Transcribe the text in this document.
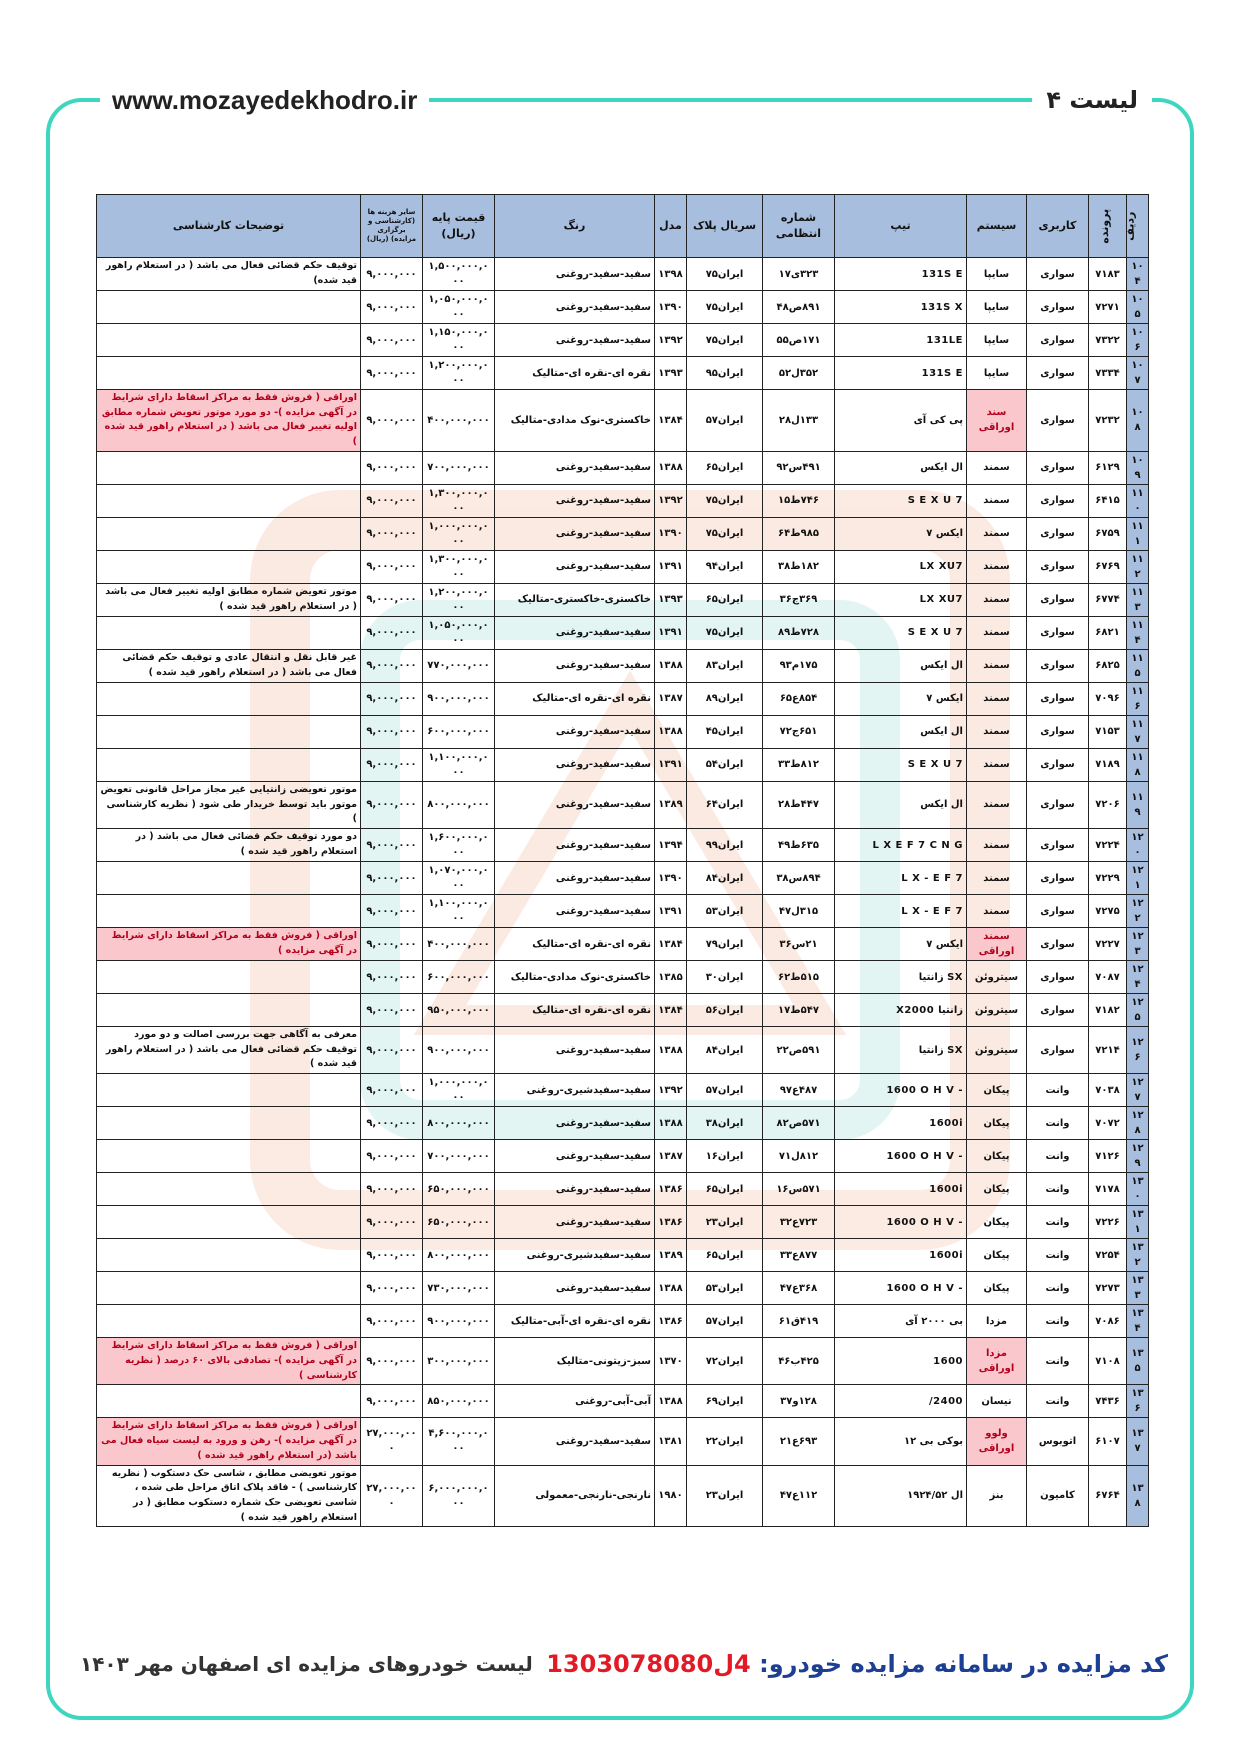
www.mozayedekhodro.ir	لیست ۴
ردیف	پرونده	کاربری	سیستم	تیپ	شماره انتظامی	سریال پلاک	مدل	رنگ	قیمت پایه (ریال)	سایر هزینه ها (کارشناسی و برگزاری مزایده) (ریال)	توضیحات کارشناسی
۱۰۴	۷۱۸۳	سواری	سایپا	131S E	۳۲۳ی۱۷	ایران۷۵	۱۳۹۸	سفید-سفید-روغنی	۱,۵۰۰,۰۰۰,۰۰۰	۹,۰۰۰,۰۰۰	توقیف حکم قضائی فعال می باشد ( در استعلام راهور قید شده)
۱۰۵	۷۲۷۱	سواری	سایپا	131S X	۸۹۱ص۴۸	ایران۷۵	۱۳۹۰	سفید-سفید-روغنی	۱,۰۵۰,۰۰۰,۰۰۰	۹,۰۰۰,۰۰۰	
۱۰۶	۷۳۲۲	سواری	سایپا	131LE	۱۷۱ص۵۵	ایران۷۵	۱۳۹۲	سفید-سفید-روغنی	۱,۱۵۰,۰۰۰,۰۰۰	۹,۰۰۰,۰۰۰	
۱۰۷	۷۳۳۴	سواری	سایپا	131S E	۳۵۲ل۵۲	ایران۹۵	۱۳۹۳	نقره ای-نقره ای-متالیک	۱,۲۰۰,۰۰۰,۰۰۰	۹,۰۰۰,۰۰۰	
۱۰۸	۷۲۳۲	سواری	سند اوراقی	پی کی آی	۱۳۳ل۲۸	ایران۵۷	۱۳۸۴	خاکستری-نوک مدادی-متالیک	۴۰۰,۰۰۰,۰۰۰	۹,۰۰۰,۰۰۰	اوراقی ( فروش فقط به مراکز اسقاط دارای شرایط در آگهی مزایده )- دو مورد موتور تعویض شماره مطابق اولیه تغییر فعال می باشد ( در استعلام راهور قید شده )
۱۰۹	۶۱۲۹	سواری	سمند	ال ایکس	۴۹۱س۹۲	ایران۶۵	۱۳۸۸	سفید-سفید-روغنی	۷۰۰,۰۰۰,۰۰۰	۹,۰۰۰,۰۰۰	
۱۱۰	۶۴۱۵	سواری	سمند	S E X U 7	۷۴۶ط۱۵	ایران۷۵	۱۳۹۲	سفید-سفید-روغنی	۱,۳۰۰,۰۰۰,۰۰۰	۹,۰۰۰,۰۰۰	
۱۱۱	۶۷۵۹	سواری	سمند	ایکس ۷	۹۸۵ط۶۴	ایران۷۵	۱۳۹۰	سفید-سفید-روغنی	۱,۰۰۰,۰۰۰,۰۰۰	۹,۰۰۰,۰۰۰	
۱۱۲	۶۷۶۹	سواری	سمند	LX XU7	۱۸۲ط۳۸	ایران۹۴	۱۳۹۱	سفید-سفید-روغنی	۱,۳۰۰,۰۰۰,۰۰۰	۹,۰۰۰,۰۰۰	
۱۱۳	۶۷۷۴	سواری	سمند	LX XU7	۳۶۹ج۳۶	ایران۶۵	۱۳۹۳	خاکستری-خاکستری-متالیک	۱,۲۰۰,۰۰۰,۰۰۰	۹,۰۰۰,۰۰۰	موتور تعویض شماره مطابق اولیه تغییر فعال می باشد ( در استعلام راهور قید شده )
۱۱۴	۶۸۲۱	سواری	سمند	S E X U 7	۷۲۸ط۸۹	ایران۷۵	۱۳۹۱	سفید-سفید-روغنی	۱,۰۵۰,۰۰۰,۰۰۰	۹,۰۰۰,۰۰۰	
۱۱۵	۶۸۲۵	سواری	سمند	ال ایکس	۱۷۵م۹۳	ایران۸۳	۱۳۸۸	سفید-سفید-روغنی	۷۷۰,۰۰۰,۰۰۰	۹,۰۰۰,۰۰۰	غیر قابل نقل و انتقال عادی و توقیف حکم قضائی فعال می باشد ( در استعلام راهور قید شده )
۱۱۶	۷۰۹۶	سواری	سمند	ایکس ۷	۸۵۴ع۶۵	ایران۸۹	۱۳۸۷	نقره ای-نقره ای-متالیک	۹۰۰,۰۰۰,۰۰۰	۹,۰۰۰,۰۰۰	
۱۱۷	۷۱۵۳	سواری	سمند	ال ایکس	۶۵۱ج۷۲	ایران۴۵	۱۳۸۸	سفید-سفید-روغنی	۶۰۰,۰۰۰,۰۰۰	۹,۰۰۰,۰۰۰	
۱۱۸	۷۱۸۹	سواری	سمند	S E X U 7	۸۱۲ط۳۳	ایران۵۴	۱۳۹۱	سفید-سفید-روغنی	۱,۱۰۰,۰۰۰,۰۰۰	۹,۰۰۰,۰۰۰	
۱۱۹	۷۲۰۶	سواری	سمند	ال ایکس	۴۴۷ط۲۸	ایران۶۴	۱۳۸۹	سفید-سفید-روغنی	۸۰۰,۰۰۰,۰۰۰	۹,۰۰۰,۰۰۰	موتور تعویضی زانتیایی غیر مجاز مراحل قانونی تعویض موتور باید توسط خریدار طی شود ( نظریه کارشناسی )
۱۲۰	۷۲۲۴	سواری	سمند	L X E F 7 C N G	۶۳۵ط۴۹	ایران۹۹	۱۳۹۴	سفید-سفید-روغنی	۱,۶۰۰,۰۰۰,۰۰۰	۹,۰۰۰,۰۰۰	دو مورد توقیف حکم قضائی فعال می باشد ( در استعلام راهور قید شده )
۱۲۱	۷۲۲۹	سواری	سمند	L X - E F 7	۸۹۴س۳۸	ایران۸۴	۱۳۹۰	سفید-سفید-روغنی	۱,۰۷۰,۰۰۰,۰۰۰	۹,۰۰۰,۰۰۰	
۱۲۲	۷۲۷۵	سواری	سمند	L X - E F 7	۳۱۵ل۴۷	ایران۵۳	۱۳۹۱	سفید-سفید-روغنی	۱,۱۰۰,۰۰۰,۰۰۰	۹,۰۰۰,۰۰۰	
۱۲۳	۷۲۲۷	سواری	سمند اوراقی	ایکس ۷	۲۱س۳۶	ایران۷۹	۱۳۸۴	نقره ای-نقره ای-متالیک	۴۰۰,۰۰۰,۰۰۰	۹,۰۰۰,۰۰۰	اوراقی ( فروش فقط به مراکز اسقاط دارای شرایط در آگهی مزایده )
۱۲۴	۷۰۸۷	سواری	سیتروئن	زانتیا SX	۵۱۵ط۶۲	ایران۳۰	۱۳۸۵	خاکستری-نوک مدادی-متالیک	۶۰۰,۰۰۰,۰۰۰	۹,۰۰۰,۰۰۰	
۱۲۵	۷۱۸۲	سواری	سیتروئن	X2000 زانتیا	۵۴۷ط۱۷	ایران۵۶	۱۳۸۴	نقره ای-نقره ای-متالیک	۹۵۰,۰۰۰,۰۰۰	۹,۰۰۰,۰۰۰	
۱۲۶	۷۲۱۴	سواری	سیتروئن	زانتیا SX	۵۹۱ص۲۲	ایران۸۴	۱۳۸۸	سفید-سفید-روغنی	۹۰۰,۰۰۰,۰۰۰	۹,۰۰۰,۰۰۰	معرفی به آگاهی جهت بررسی اصالت و دو مورد توقیف حکم قضائی فعال می باشد ( در استعلام راهور قید شده )
۱۲۷	۷۰۳۸	وانت	پیکان	1600 O H V -	۴۸۷ع۹۷	ایران۵۷	۱۳۹۲	سفید-سفیدشیری-روغنی	۱,۰۰۰,۰۰۰,۰۰۰	۹,۰۰۰,۰۰۰	
۱۲۸	۷۰۷۲	وانت	پیکان	1600i	۵۷۱ص۸۲	ایران۳۸	۱۳۸۸	سفید-سفید-روغنی	۸۰۰,۰۰۰,۰۰۰	۹,۰۰۰,۰۰۰	
۱۲۹	۷۱۲۶	وانت	پیکان	1600 O H V -	۸۱۲ل۷۱	ایران۱۶	۱۳۸۷	سفید-سفید-روغنی	۷۰۰,۰۰۰,۰۰۰	۹,۰۰۰,۰۰۰	
۱۳۰	۷۱۷۸	وانت	پیکان	1600i	۵۷۱س۱۶	ایران۶۵	۱۳۸۶	سفید-سفید-روغنی	۶۵۰,۰۰۰,۰۰۰	۹,۰۰۰,۰۰۰	
۱۳۱	۷۲۲۶	وانت	پیکان	1600 O H V -	۷۲۳ع۳۲	ایران۲۳	۱۳۸۶	سفید-سفید-روغنی	۶۵۰,۰۰۰,۰۰۰	۹,۰۰۰,۰۰۰	
۱۳۲	۷۲۵۴	وانت	پیکان	1600i	۸۷۷ع۳۳	ایران۶۵	۱۳۸۹	سفید-سفیدشیری-روغنی	۸۰۰,۰۰۰,۰۰۰	۹,۰۰۰,۰۰۰	
۱۳۳	۷۲۷۳	وانت	پیکان	1600 O H V -	۳۶۸ع۴۷	ایران۵۳	۱۳۸۸	سفید-سفید-روغنی	۷۳۰,۰۰۰,۰۰۰	۹,۰۰۰,۰۰۰	
۱۳۴	۷۰۸۶	وانت	مزدا	بی ۲۰۰۰ آی	۴۱۹ق۶۱	ایران۵۷	۱۳۸۶	نقره ای-نقره ای-آبی-متالیک	۹۰۰,۰۰۰,۰۰۰	۹,۰۰۰,۰۰۰	
۱۳۵	۷۱۰۸	وانت	مزدا اوراقی	1600	۴۲۵ب۴۶	ایران۷۲	۱۳۷۰	سبز-زیتونی-متالیک	۳۰۰,۰۰۰,۰۰۰	۹,۰۰۰,۰۰۰	اوراقی ( فروش فقط به مراکز اسقاط دارای شرایط در آگهی مزایده )- تصادفی بالای ۶۰ درصد ( نظریه کارشناسی )
۱۳۶	۷۴۳۶	وانت	نیسان	/2400	۱۲۸و۳۷	ایران۶۹	۱۳۸۸	آبی-آبی-روغنی	۸۵۰,۰۰۰,۰۰۰	۹,۰۰۰,۰۰۰	
۱۳۷	۶۱۰۷	اتوبوس	ولوو اوراقی	بوکی بی ۱۲	۶۹۳ع۲۱	ایران۲۲	۱۳۸۱	سفید-سفید-روغنی	۴,۶۰۰,۰۰۰,۰۰۰	۲۷,۰۰۰,۰۰۰	اوراقی ( فروش فقط به مراکز اسقاط دارای شرایط در آگهی مزایده )- رهن و ورود به لیست سیاه فعال می باشد (در استعلام راهور قید شده )
۱۳۸	۶۷۶۴	کامیون	بنز	ال ۱۹۲۴/۵۲	۱۱۲ع۴۷	ایران۲۳	۱۹۸۰	نارنجی-نارنجی-معمولی	۶,۰۰۰,۰۰۰,۰۰۰	۲۷,۰۰۰,۰۰۰	موتور تعویضی مطابق ، شاسی حک دستکوب ( نظریه کارشناسی ) - فاقد پلاک اتاق مراحل طی شده ، شاسی تعویضی حک شماره دستکوب مطابق ( در استعلام راهور قید شده )
کد مزایده در سامانه مزایده خودرو: 4ل1303078080
لیست خودروهای مزایده ای اصفهان مهر ۱۴۰۳
